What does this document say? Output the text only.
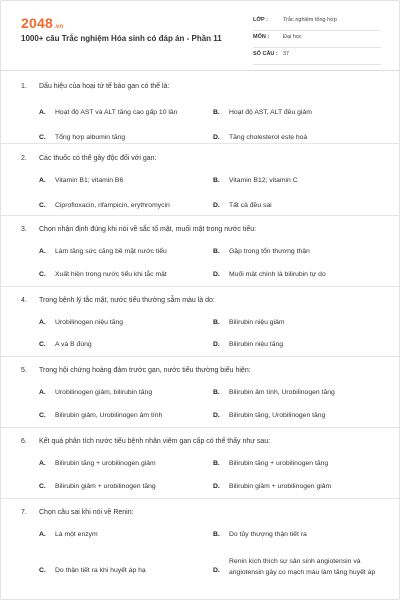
2048.vn
1000+ câu Trắc nghiệm Hóa sinh có đáp án - Phần 11
LỚP :	Trắc nghiệm tổng hợp
MÔN :	Đại học
SỐ CÂU : 37
1. Dấu hiệu của hoại tử tế bào gan có thể là:
A. Hoạt độ AST và ALT tăng cao gấp 10 lần	B. Hoạt độ AST, ALT đều giảm
C. Tổng hợp albumin tăng	D. Tăng cholesterol este hoá
2. Các thuốc có thể gây độc đối với gan:
A. Vitamin B1; vitamin B6	B. Vitamin B12; vitamin C
C. Ciprofloxacin, rifampicin, erythromycin	D. Tất cả đều sai
3. Chọn nhận định đúng khi nói về sắc tố mật, muối mật trong nước tiểu:
A. Làm tăng sức căng bề mặt nước tiểu	B. Gặp trong tổn thương thận
C. Xuất hiện trong nước tiểu khi tắc mật	D. Muối mật chính là bilirubin tự do
4. Trong bệnh lý tắc mật, nước tiểu thường sẫm màu là do:
A. Urobilinogen niệu tăng	B. Bilirubin niệu giảm
C. A và B đúng	D. Bilirubin niệu tăng
5. Trong hội chứng hoàng đảm trước gan, nước tiểu thường biểu hiện:
A. Urobilinogen giảm, bilirubin tăng	B. Bilirubin âm tính, Urobilinogen tăng
C. Bilirubin giảm, Urobilinogen âm tính	D. Bilirubin tăng, Urobilinogen tăng
6. Kết quả phân tích nước tiểu bệnh nhân viêm gan cấp có thể thấy như sau:
A. Bilirubin tăng + urobilinogen giảm	B. Bilirubin tăng + urobilinogen tăng
C. Bilirubin giảm + urobilinogen tăng	D. Bilirubin giảm + urobilinogen giảm
7. Chọn câu sai khi nói về Renin:
A. Là một enzym	B. Do tủy thượng thận tiết ra
C. Do thận tiết ra khi huyết áp hạ	D.
Renin kích thích sự sản sinh angiotensin và angiotensin gây co mạch máu làm tăng huyết áp
